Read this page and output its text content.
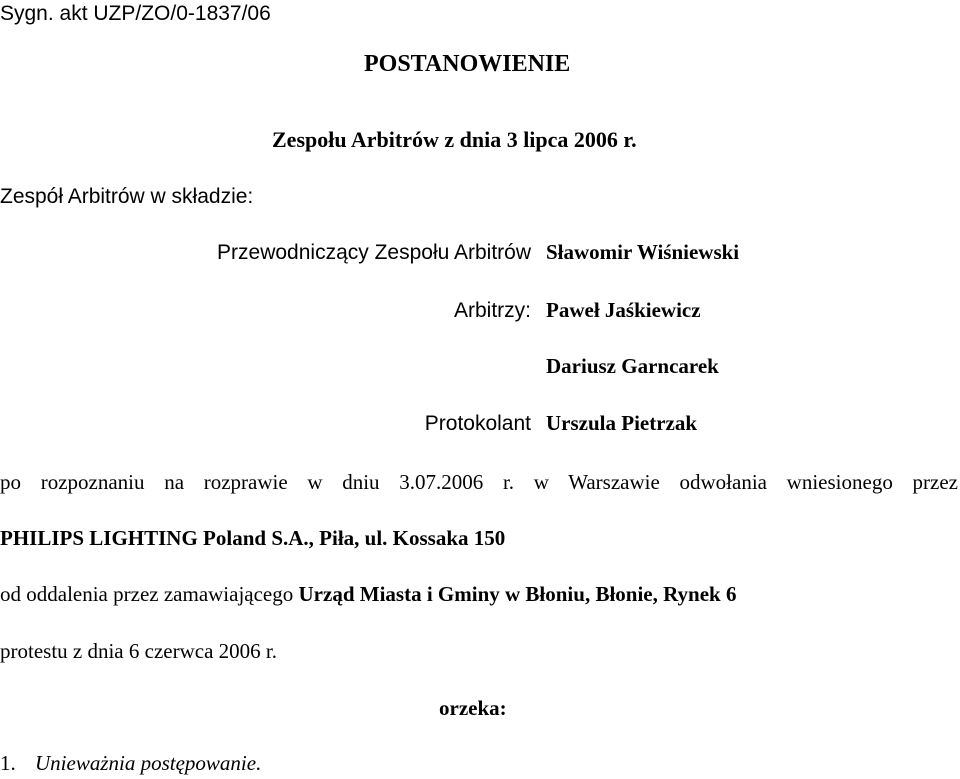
Sygn. akt UZP/ZO/0-1837/06
POSTANOWIENIE
Zespołu Arbitrów z dnia 3 lipca 2006 r.
Zespół Arbitrów w składzie:
Przewodniczący Zespołu Arbitrów Sławomir Wiśniewski
Arbitrzy: Paweł Jaśkiewicz
Dariusz Garncarek
Protokolant Urszula Pietrzak
po rozpoznaniu na rozprawie w dniu 3.07.2006 r. w Warszawie odwołania wniesionego przez
PHILIPS LIGHTING Poland S.A., Piła, ul. Kossaka 150
od oddalenia przez zamawiającego Urząd Miasta i Gminy w Błoniu, Błonie, Rynek 6
protestu z dnia 6 czerwca 2006 r.
orzeka:
1. Unieważnia postępowanie.
